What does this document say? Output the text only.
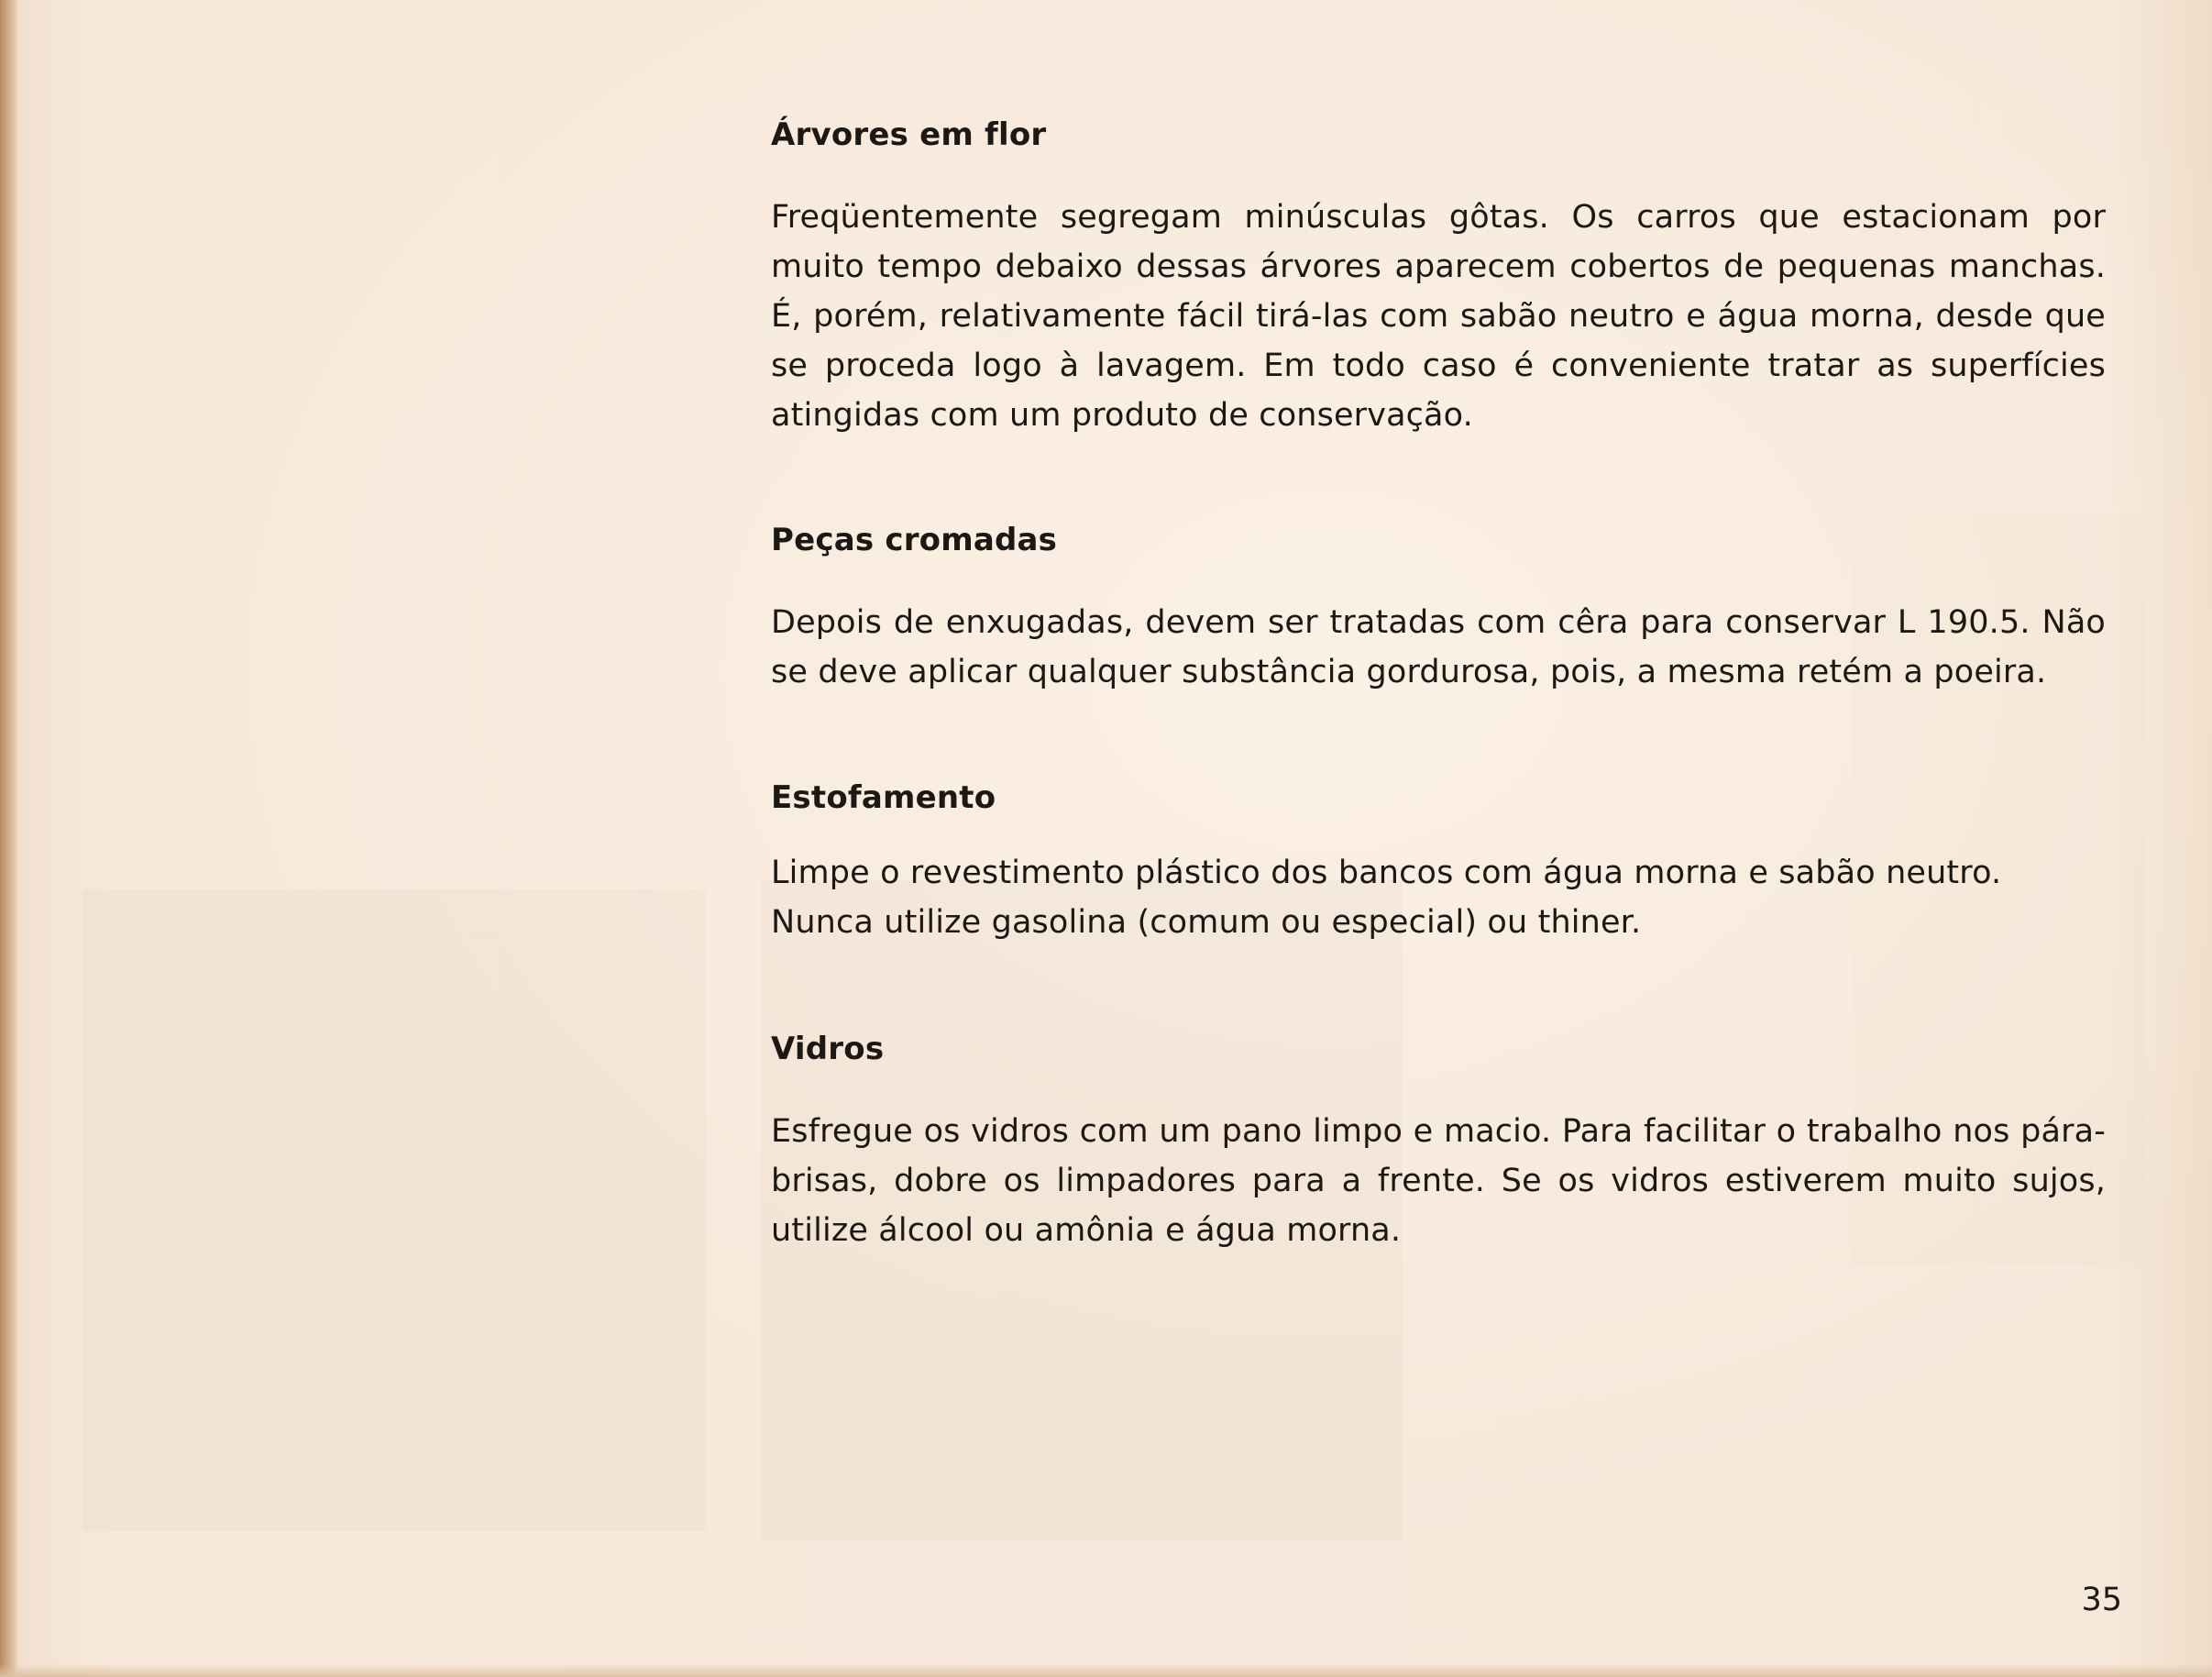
Árvores em flor

Freqüentemente segregam minúsculas gôtas. Os carros que estacionam por muito tempo debaixo dessas árvores aparecem cobertos de pequenas manchas. É, porém, relativamente fácil tirá-las com sabão neutro e água morna, desde que se proceda logo à lavagem. Em todo caso é conveniente tratar as superfícies atingidas com um produto de conservação.

Peças cromadas

Depois de enxugadas, devem ser tratadas com cêra para conservar L 190.5. Não se deve aplicar qualquer substância gordurosa, pois, a mesma retém a poeira.

Estofamento
Limpe o revestimento plástico dos bancos com água morna e sabão neutro.
Nunca utilize gasolina (comum ou especial) ou thiner.
Vidros

Esfregue os vidros com um pano limpo e macio. Para facilitar o trabalho nos pára-brisas, dobre os limpadores para a frente. Se os vidros estiverem muito sujos, utilize álcool ou amônia e água morna.

35
